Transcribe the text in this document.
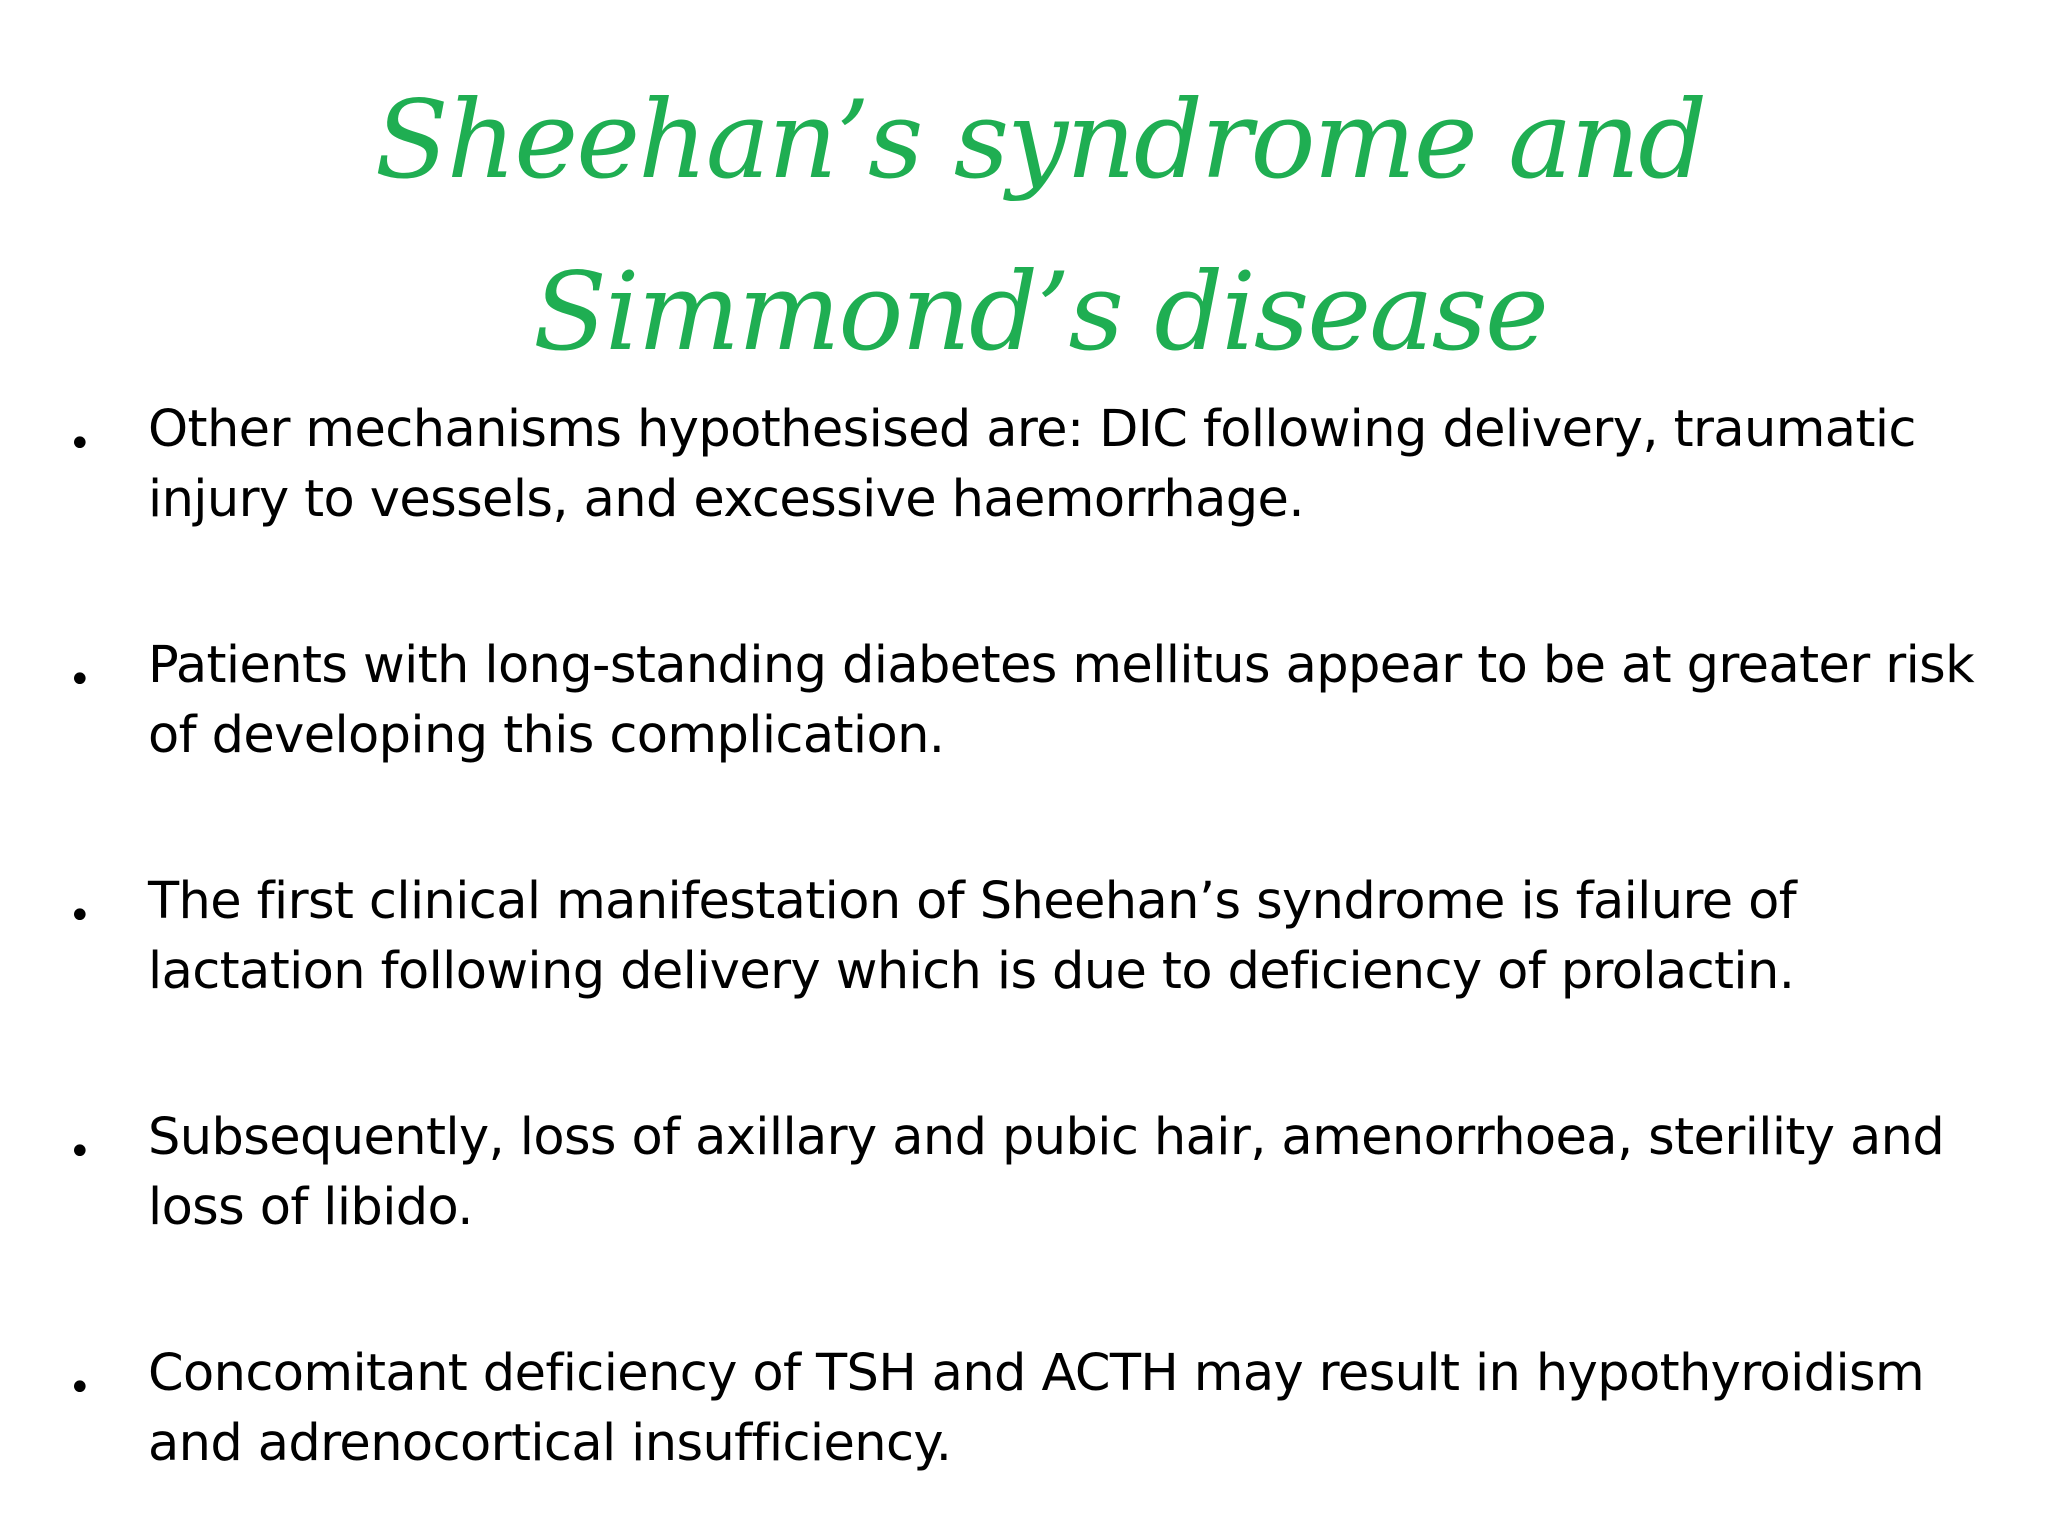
Sheehan’s syndrome and Simmond’s disease
• Other mechanisms hypothesised are: DIC following delivery, traumatic injury to vessels, and excessive haemorrhage.
• Patients with long-standing diabetes mellitus appear to be at greater risk of developing this complication.
• The first clinical manifestation of Sheehan’s syndrome is failure of lactation following delivery which is due to deficiency of prolactin.
• Subsequently, loss of axillary and pubic hair, amenorrhoea, sterility and loss of libido.
• Concomitant deficiency of TSH and ACTH may result in hypothyroidism and adrenocortical insufficiency.
